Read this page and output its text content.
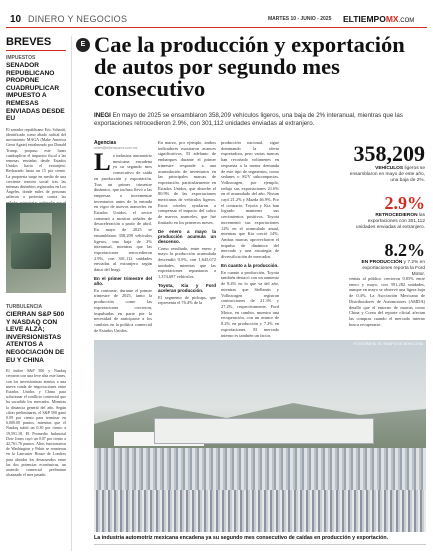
10 DINERO Y NEGOCIOS	MARTES 10 - JUNIO - 2025 ELTIEMPOMX.COM
BREVES
IMPUESTOS
SENADOR REPUBLICANO PROPONE CUADRUPLICAR IMPUESTO A REMESAS ENVIADAS DESDE EU
El senador republicano Eric Schmitt, identificado como aliado radical del movimiento MAGA (Make America Great Again) encabezado por Donald Trump, propuso este lunes cuadruplicar el impuesto fiscal a las remesas enviadas desde Estados Unidos hacia el extranjero. Rechazado hasta un 15 por ciento. La propuesta surge en medio de una creciente tensión social tras las intensas disturbios registrados en Los Ángeles, donde miles de personas salieron a protestar contra las
TURBULENCIA
CIERRAN S&P 500 Y NASDAQ CON LEVE ALZA; INVERSIONISTAS ATENTOS A NEGOCIACIÓN DE EU Y CHINA
El índice S&P 500 y Nasdaq cerraron con una leve alza este lunes, con los inversionistas atentos a una nueva ronda de negociaciones entre Estados Unidos y China para solucionar el conflicto comercial que ha sacudido los mercados. Mientras la distancia general del año. Según cifras preliminares, el S&P 500 ganó 0.09 por ciento para terminar en 6,000.00 puntos, mientras que el Nasdaq subió un 0.30 por ciento a 19,591.18. El Promedio Industrial Dow Jones cayó un 0.07 por ciento a 42,761.76 puntos. Altos funcionarios de Washington y Pekín se reunieron en la Lancaster House de Londres para abordar los desacuerdos entre las dos potencias económicas, un acuerdo comercial preliminar alcanzado el mes pasado.
E Cae la producción y exportación de autos por segundo mes consecutivo

INEGI En mayo de 2025 se ensamblaron 358,209 vehículos ligeros, una baja de 2% interanual, mientras que las exportaciones retrocedieron 2.9%, con 301,112 unidades enviadas al extranjero.

Agencias
redes@eltiempomx.com.mx
L a industria automotriz mexicana encadena ya su segundo mes consecutivo de caída en producción y exportación. Tras un primer trimestre dinámico, que incluso llevó a las empresas a incrementar inventarios antes de la entrada en vigor de nuevos aranceles en Estados Unidos, el sector comenzó a mostrar señales de desaceleración a partir de abril. En mayo de 2025 se ensamblaron 358,209 vehículos ligeros, una baja de 2% interanual, mientras que las exportaciones retrocedieron 2.9%, con 301,112 unidades enviadas al extranjero según datos del Inegi.
En el primer trimestre del año.
En contraste, durante el primer trimestre de 2025, tanto la producción como las exportaciones crecieron, impulsadas en parte por la necesidad de anticiparse a los cambios en la política comercial de Estados Unidos.
En marzo, por ejemplo, ambos indicadores mostraron avances significativos. El adelanto de embarques durante el primer trimestre responde a una acumulación de inventarios en las principales marcas de exportación, particularmente en Estados Unidos, que absorbe el 80.9% de las exportaciones mexicanas de vehículos ligeros. Estos niveles ayudaron a compensar el impacto del cobro de nuevos aranceles, que fue limitado en los primeros meses.
De enero a mayo la producción acumula un descenso.
Como resultado, entre enero y mayo la producción acumulada descendió 0.5%, con 1,645,672 unidades, mientras que las exportaciones repuntaron a 1,374,697 vehículos.
Toyota, Kia y Ford aceleran producción.
El segmento de pickups, que representa el 76.4% de la
producción nacional, sigue dominando la oferta exportadora, pero varias marcas han recortado volúmenes en respuesta a la menor demanda de este tipo de segmentos, como sedanes o SUV subcompactas. Volkswagen, por ejemplo, redujo sus exportaciones 21.6% en el acumulado del año. Nissan cayó 21.2% y Mazda 46.9%. Por el contrario, Toyota y Kia han logrado mantener sus crecimientos positivos. Toyota incrementó sus exportaciones 12% en el acumulado anual, mientras que Kia creció 14%. Ambas marcas aprovecharon el impulso de dinámica del mercado y una estrategia de diversificación de mercados.
En cuanto a la producción.
En cuanto a producción, Toyota también destacó con un aumento de 8.4% en lo que va del año, mientras que Stellantis y Volkswagen registran contracciones de 21.3% y 27.2%, respectivamente. Ford Motor, en cambio, muestra una recuperación, con un avance de 8.2% en producción y 7.2% en exportaciones. El mercado interno es también un factor.
358,209
VEHÍCULOS ligeros se ensamblaron en mayo de este año, una baja de 2%.
2.9%
RETROCEDIERON las exportaciones con 301,112 unidades enviadas al extranjero.
8.2%
EN PRODUCCIÓN y 7.2% en exportaciones reporta la Ford Motor.
ventas al público crecieron 0.85% entre enero y mayo, con 591,282 unidades, aunque en mayo se observó una ligera baja de 0.4%. La Asociación Mexicana de Distribuidores de Automotores (AMDA) detalló que el entorno de marcas como China y Corea del reporte oficial afectan las compras cuando el mercado interno busca recuperarse.
FOTOGRAFÍA: EL TIEMPO DE MONCLOVA
La industria automotriz mexicana encadena ya su segundo mes consecutivo de caídas en producción y exportación.
